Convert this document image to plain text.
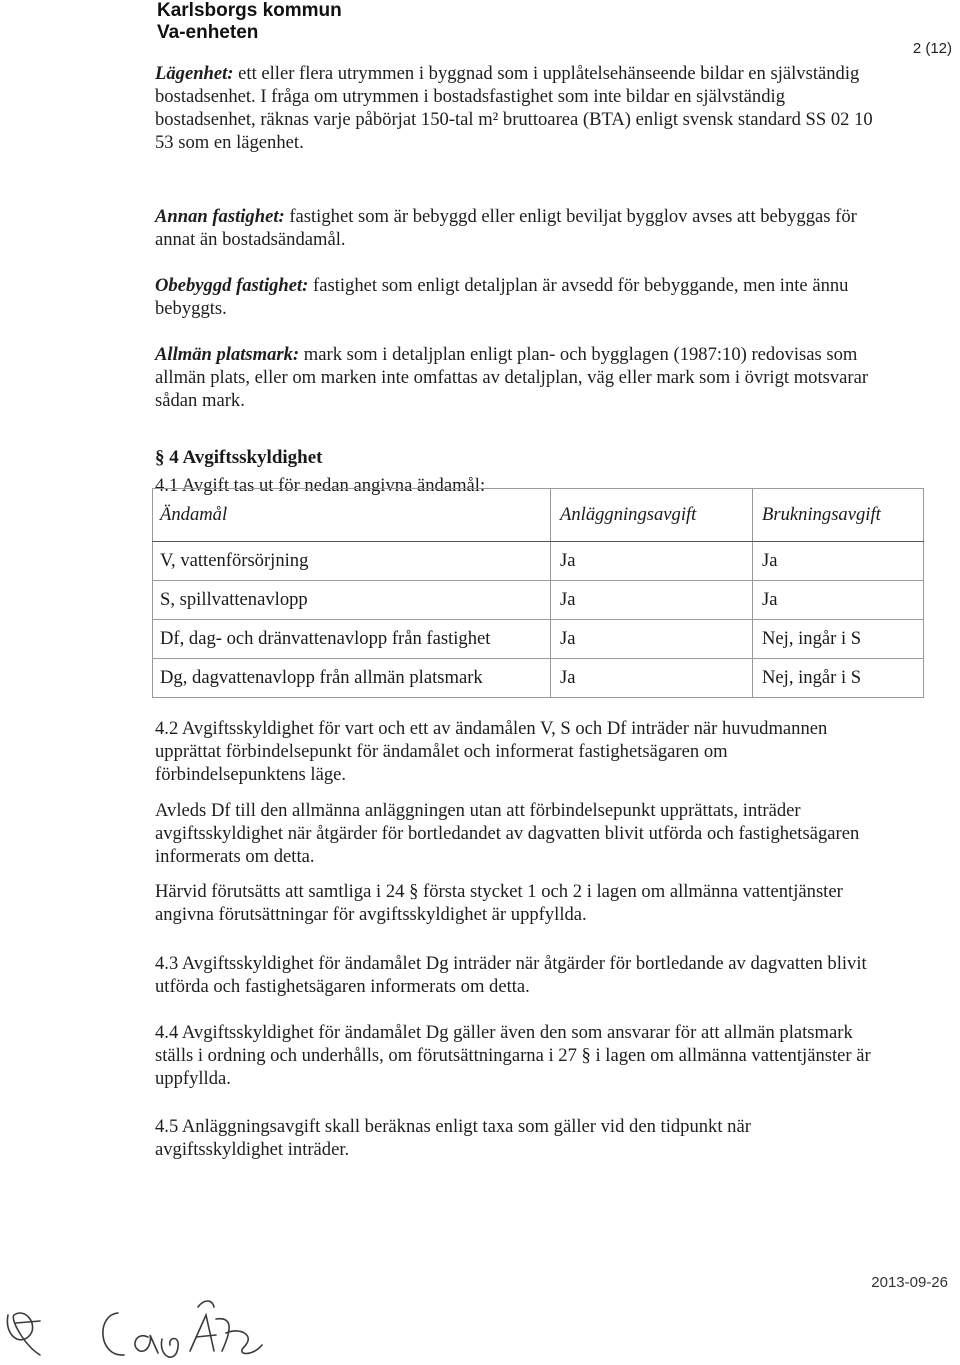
Karlsborgs kommun
Va-enheten
2 (12)
Lägenhet: ett eller flera utrymmen i byggnad som i upplåtelsehänseende bildar en självständig bostadsenhet. I fråga om utrymmen i bostadsfastighet som inte bildar en självständig bostadsenhet, räknas varje påbörjat 150-tal m² bruttoarea (BTA) enligt svensk standard SS 02 10 53 som en lägenhet.
Annan fastighet: fastighet som är bebyggd eller enligt beviljat bygglov avses att bebyggas för annat än bostadsändamål.
Obebyggd fastighet: fastighet som enligt detaljplan är avsedd för bebyggande, men inte ännu bebyggts.
Allmän platsmark: mark som i detaljplan enligt plan- och bygglagen (1987:10) redovisas som allmän plats, eller om marken inte omfattas av detaljplan, väg eller mark som i övrigt motsvarar sådan mark.
§ 4 Avgiftsskyldighet
4.1 Avgift tas ut för nedan angivna ändamål:
Ändamål	Anläggningsavgift	Brukningsavgift
V, vattenförsörjning	Ja	Ja
S, spillvattenavlopp	Ja	Ja
Df, dag- och dränvattenavlopp från fastighet	Ja	Nej, ingår i S
Dg, dagvattenavlopp från allmän platsmark	Ja	Nej, ingår i S
4.2 Avgiftsskyldighet för vart och ett av ändamålen V, S och Df inträder när huvudmannen upprättat förbindelsepunkt för ändamålet och informerat fastighetsägaren om förbindelsepunktens läge.
Avleds Df till den allmänna anläggningen utan att förbindelsepunkt upprättats, inträder avgiftsskyldighet när åtgärder för bortledandet av dagvatten blivit utförda och fastighetsägaren informerats om detta.
Härvid förutsätts att samtliga i 24 § första stycket 1 och 2 i lagen om allmänna vattentjänster angivna förutsättningar för avgiftsskyldighet är uppfyllda.
4.3 Avgiftsskyldighet för ändamålet Dg inträder när åtgärder för bortledande av dagvatten blivit utförda och fastighetsägaren informerats om detta.
4.4 Avgiftsskyldighet för ändamålet Dg gäller även den som ansvarar för att allmän platsmark ställs i ordning och underhålls, om förutsättningarna i 27 § i lagen om allmänna vattentjänster är uppfyllda.
4.5 Anläggningsavgift skall beräknas enligt taxa som gäller vid den tidpunkt när avgiftsskyldighet inträder.
2013-09-26
